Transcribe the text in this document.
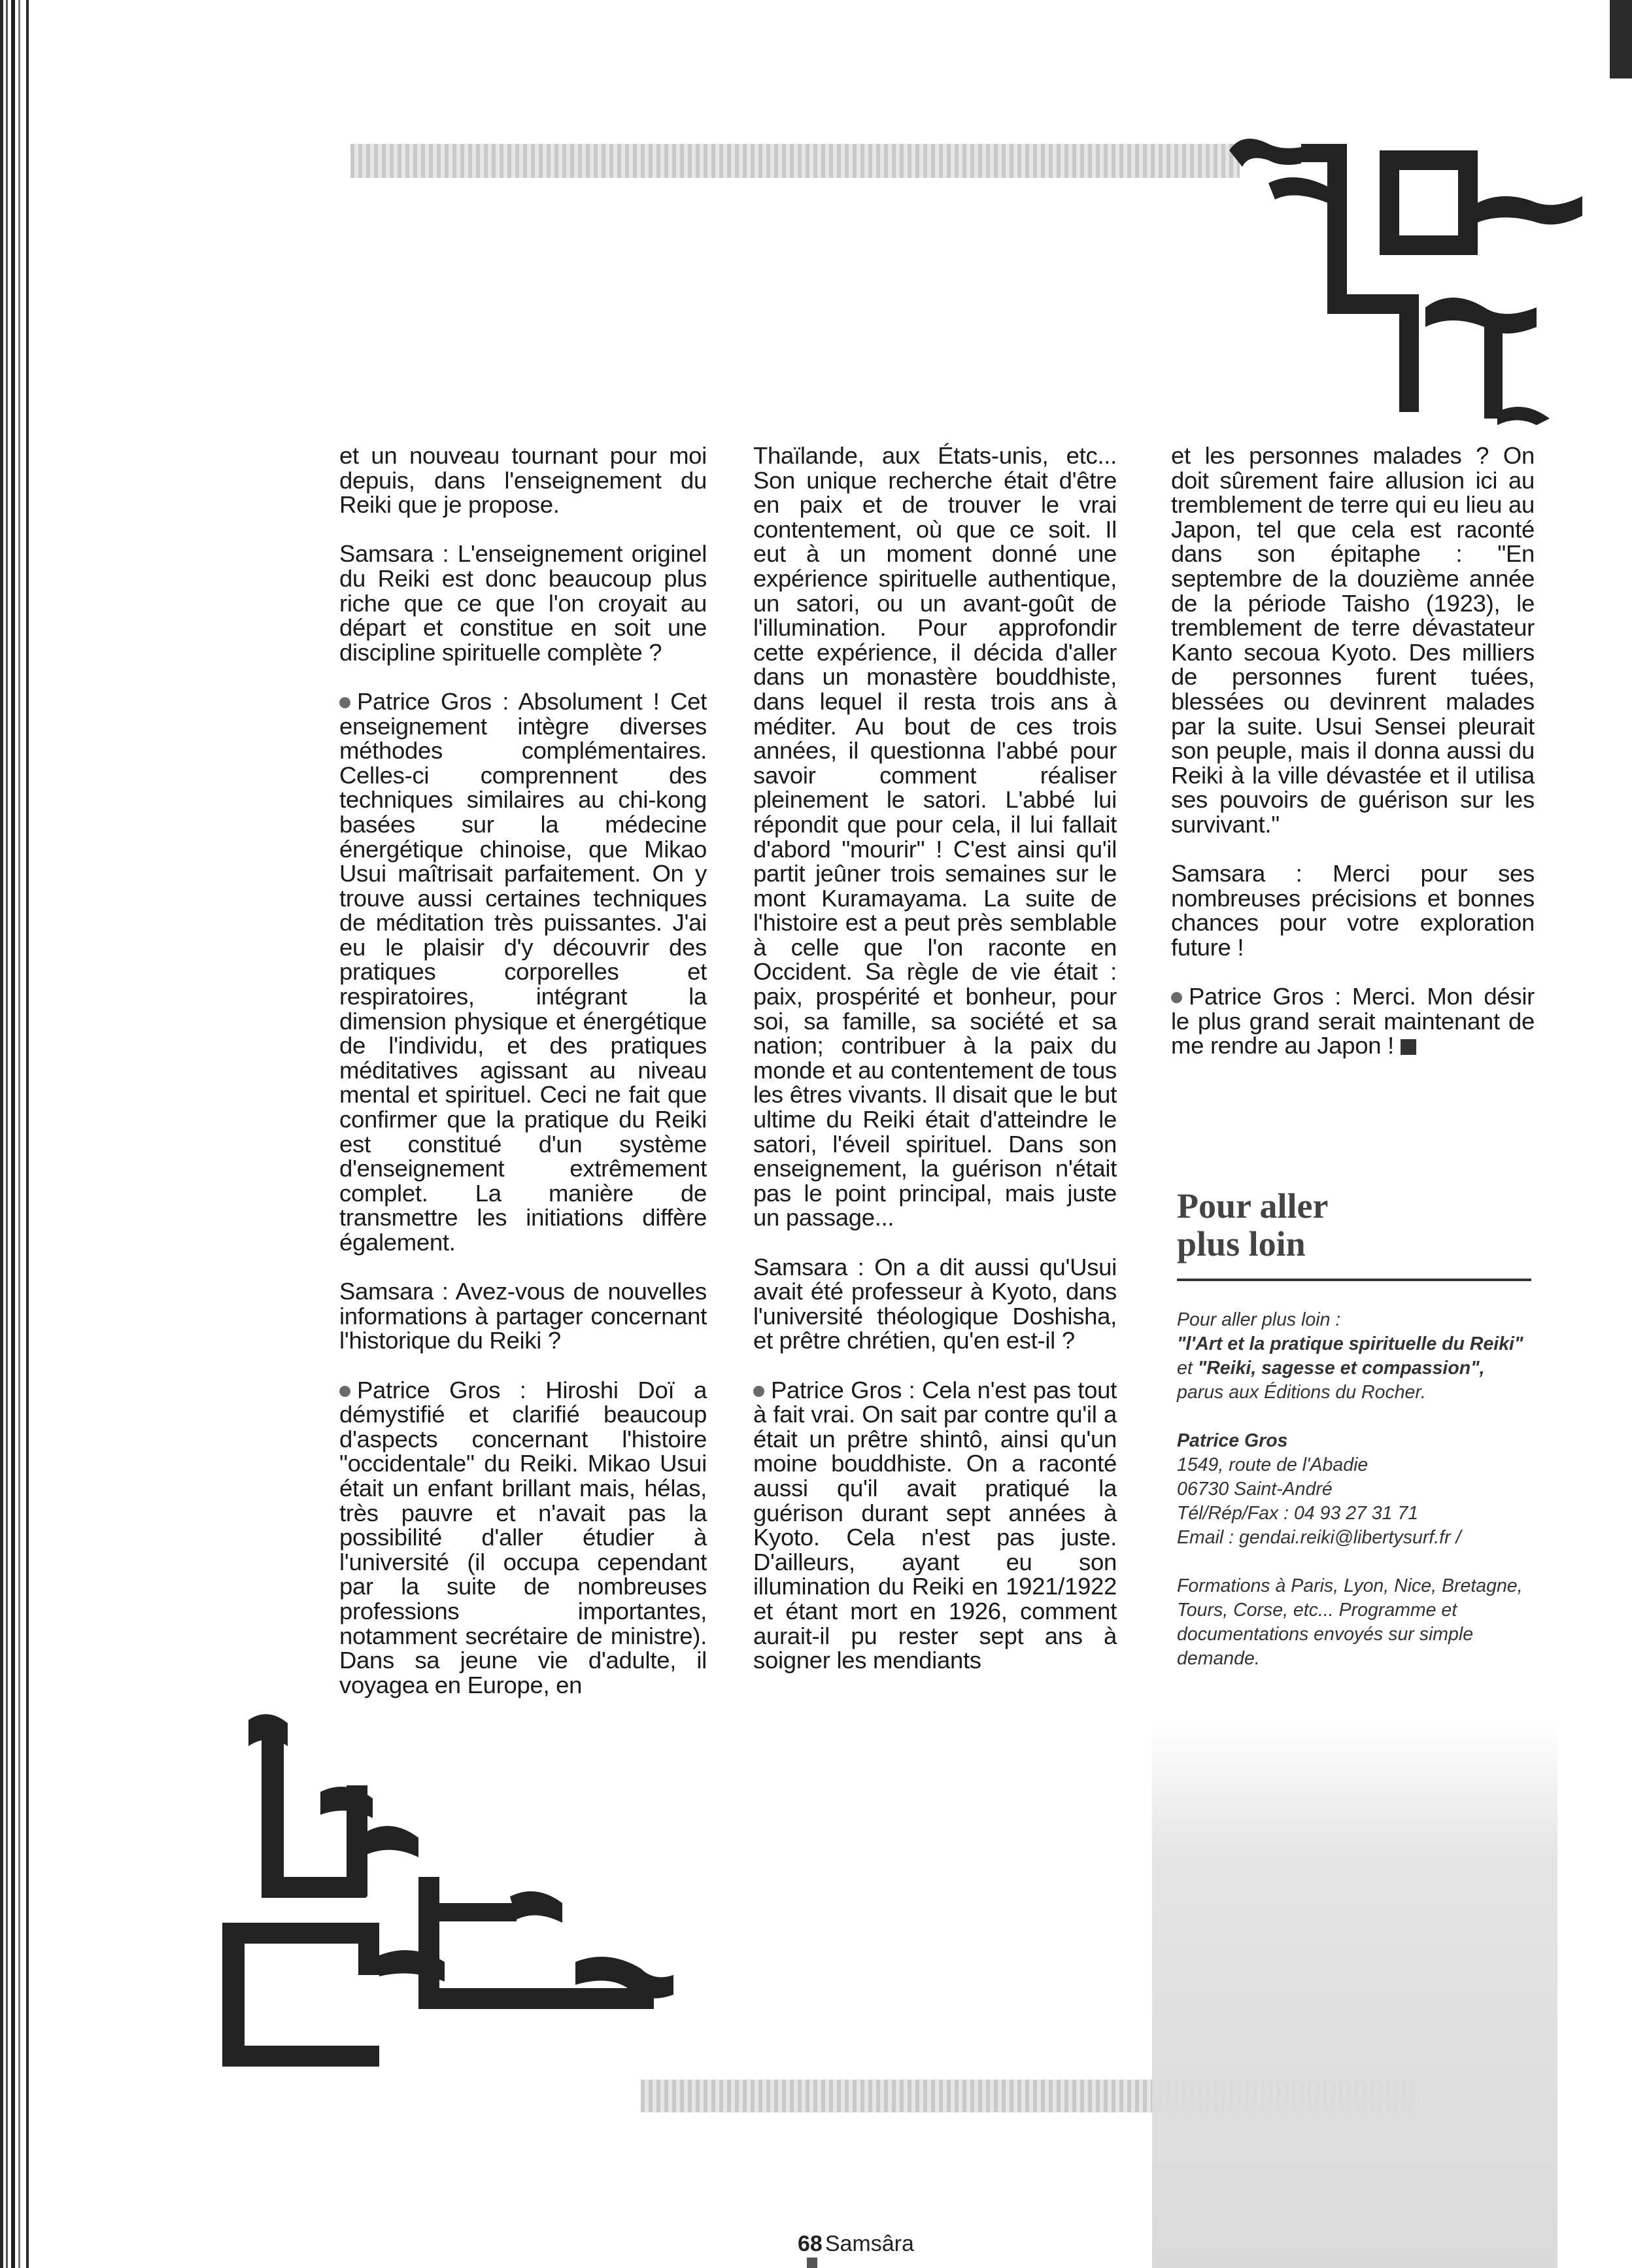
et un nouveau tournant pour moi depuis, dans l'enseignement du Reiki que je propose.

Samsara : L'enseignement originel du Reiki est donc beaucoup plus riche que ce que l'on croyait au départ et constitue en soit une discipline spirituelle complète ?

Patrice Gros : Absolument ! Cet enseignement intègre diverses méthodes complémentaires. Celles-ci comprennent des techniques similaires au chi-kong basées sur la médecine énergétique chinoise, que Mikao Usui maîtrisait parfaitement. On y trouve aussi certaines techniques de méditation très puissantes. J'ai eu le plaisir d'y découvrir des pratiques corporelles et respiratoires, intégrant la dimension physique et énergétique de l'individu, et des pratiques méditatives agissant au niveau mental et spirituel. Ceci ne fait que confirmer que la pratique du Reiki est constitué d'un système d'enseignement extrêmement complet. La manière de transmettre les initiations diffère également.

Samsara : Avez-vous de nouvelles informations à partager concernant l'historique du Reiki ?

Patrice Gros : Hiroshi Doï a démystifié et clarifié beaucoup d'aspects concernant l'histoire "occidentale" du Reiki. Mikao Usui était un enfant brillant mais, hélas, très pauvre et n'avait pas la possibilité d'aller étudier à l'université (il occupa cependant par la suite de nombreuses professions importantes, notamment secrétaire de ministre). Dans sa jeune vie d'adulte, il voyagea en Europe, en

Thaïlande, aux États-unis, etc... Son unique recherche était d'être en paix et de trouver le vrai contentement, où que ce soit. Il eut à un moment donné une expérience spirituelle authentique, un satori, ou un avant-goût de l'illumination. Pour approfondir cette expérience, il décida d'aller dans un monastère bouddhiste, dans lequel il resta trois ans à méditer. Au bout de ces trois années, il questionna l'abbé pour savoir comment réaliser pleinement le satori. L'abbé lui répondit que pour cela, il lui fallait d'abord "mourir" ! C'est ainsi qu'il partit jeûner trois semaines sur le mont Kuramayama. La suite de l'histoire est a peut près semblable à celle que l'on raconte en Occident. Sa règle de vie était : paix, prospérité et bonheur, pour soi, sa famille, sa société et sa nation; contribuer à la paix du monde et au contentement de tous les êtres vivants. Il disait que le but ultime du Reiki était d'atteindre le satori, l'éveil spirituel. Dans son enseignement, la guérison n'était pas le point principal, mais juste un passage...

Samsara : On a dit aussi qu'Usui avait été professeur à Kyoto, dans l'université théologique Doshisha, et prêtre chrétien, qu'en est-il ?

Patrice Gros : Cela n'est pas tout à fait vrai. On sait par contre qu'il a était un prêtre shintô, ainsi qu'un moine bouddhiste. On a raconté aussi qu'il avait pratiqué la guérison durant sept années à Kyoto. Cela n'est pas juste. D'ailleurs, ayant eu son illumination du Reiki en 1921/1922 et étant mort en 1926, comment aurait-il pu rester sept ans à soigner les mendiants

et les personnes malades ? On doit sûrement faire allusion ici au tremblement de terre qui eu lieu au Japon, tel que cela est raconté dans son épitaphe : "En septembre de la douzième année de la période Taisho (1923), le tremblement de terre dévastateur Kanto secoua Kyoto. Des milliers de personnes furent tuées, blessées ou devinrent malades par la suite. Usui Sensei pleurait son peuple, mais il donna aussi du Reiki à la ville dévastée et il utilisa ses pouvoirs de guérison sur les survivant."

Samsara : Merci pour ses nombreuses précisions et bonnes chances pour votre exploration future !

Patrice Gros : Merci. Mon désir le plus grand serait maintenant de me rendre au Japon !

Pour aller
plus loin
Pour aller plus loin :
"l'Art et la pratique spirituelle du Reiki"
et "Reiki, sagesse et compassion",
parus aux Éditions du Rocher.
Patrice Gros
1549, route de l'Abadie
06730 Saint-André
Tél/Rép/Fax : 04 93 27 31 71
Email : gendai.reiki@libertysurf.fr /
Formations à Paris, Lyon, Nice, Bretagne, Tours, Corse, etc... Programme et documentations envoyés sur simple demande.
68 Samsâra
